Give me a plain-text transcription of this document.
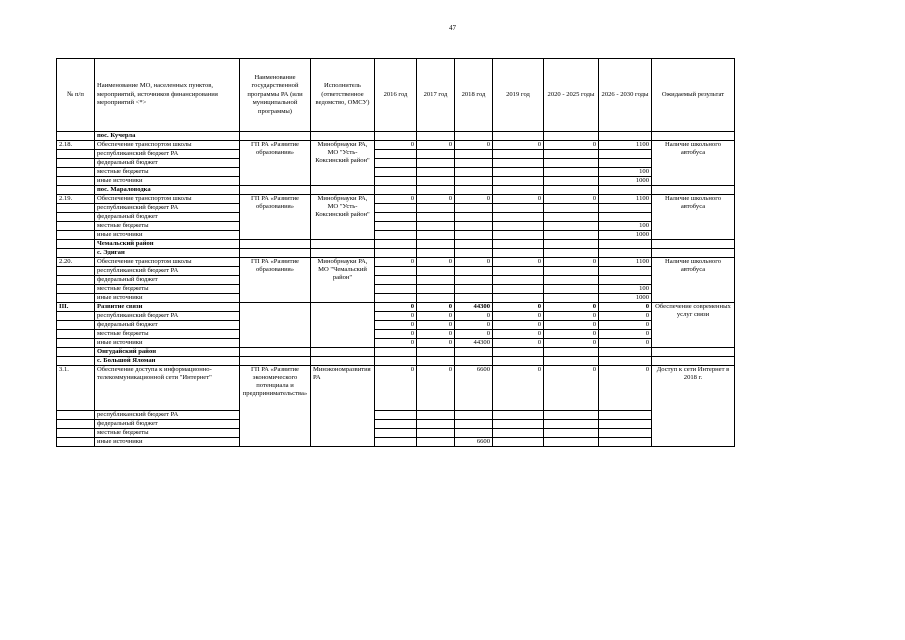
47
№ п/п	Наименование МО, населенных пунктов, мероприятий, источников финансирования мероприятий <*>	Наименование государственной программы РА (или муниципальной программы)	Исполнитель (ответственное ведомство, ОМСУ)	2016 год	2017 год	2018 год	2019 год	2020 - 2025 годы	2026 - 2030 годы	Ожидаемый результат
	пос. Кучерла									
2.18.	Обеспечение транспортом школы	ГП РА «Развитие образования»	Минобрнауки РА, МО "Усть-Коксинский район"	0	0	0	0	0	1100	Наличие школьного автобуса
	республиканский бюджет РА									
	федеральный бюджет									
	местные бюджеты								100	
	иные источники								1000	
	пос. Мараловодка									
2.19.	Обеспечение транспортом школы	ГП РА «Развитие образования»	Минобрнауки РА, МО "Усть-Коксинский район"	0	0	0	0	0	1100	Наличие школьного автобуса
	республиканский бюджет РА									
	федеральный бюджет									
	местные бюджеты								100	
	иные источники								1000	
	Чемальский район									
	с. Эдиган									
2.20.	Обеспечение транспортом школы	ГП РА «Развитие образования»	Минобрнауки РА, МО "Чемальский район"	0	0	0	0	0	1100	Наличие школьного автобуса
	республиканский бюджет РА									
	федеральный бюджет									
	местные бюджеты								100	
	иные источники								1000	
III.	Развитие связи			0	0	44300	0	0	0	Обеспечение современных услуг связи
	республиканский бюджет РА			0	0	0	0	0	0	
	федеральный бюджет			0	0	0	0	0	0	
	местные бюджеты			0	0	0	0	0	0	
	иные источники			0	0	44300	0	0	0	
	Онгудайский район									
	с. Большой Яломан									
3.1.	Обеспечение доступа к информационно-телекоммуникационной сети "Интернет"	ГП РА «Развитие экономического потенциала и предпринимательства»	Минэкономразвития РА	0	0	6600	0	0	0	Доступ к сети Интернет в 2018 г.
	республиканский бюджет РА									
	федеральный бюджет									
	местные бюджеты									
	иные источники					6600				
